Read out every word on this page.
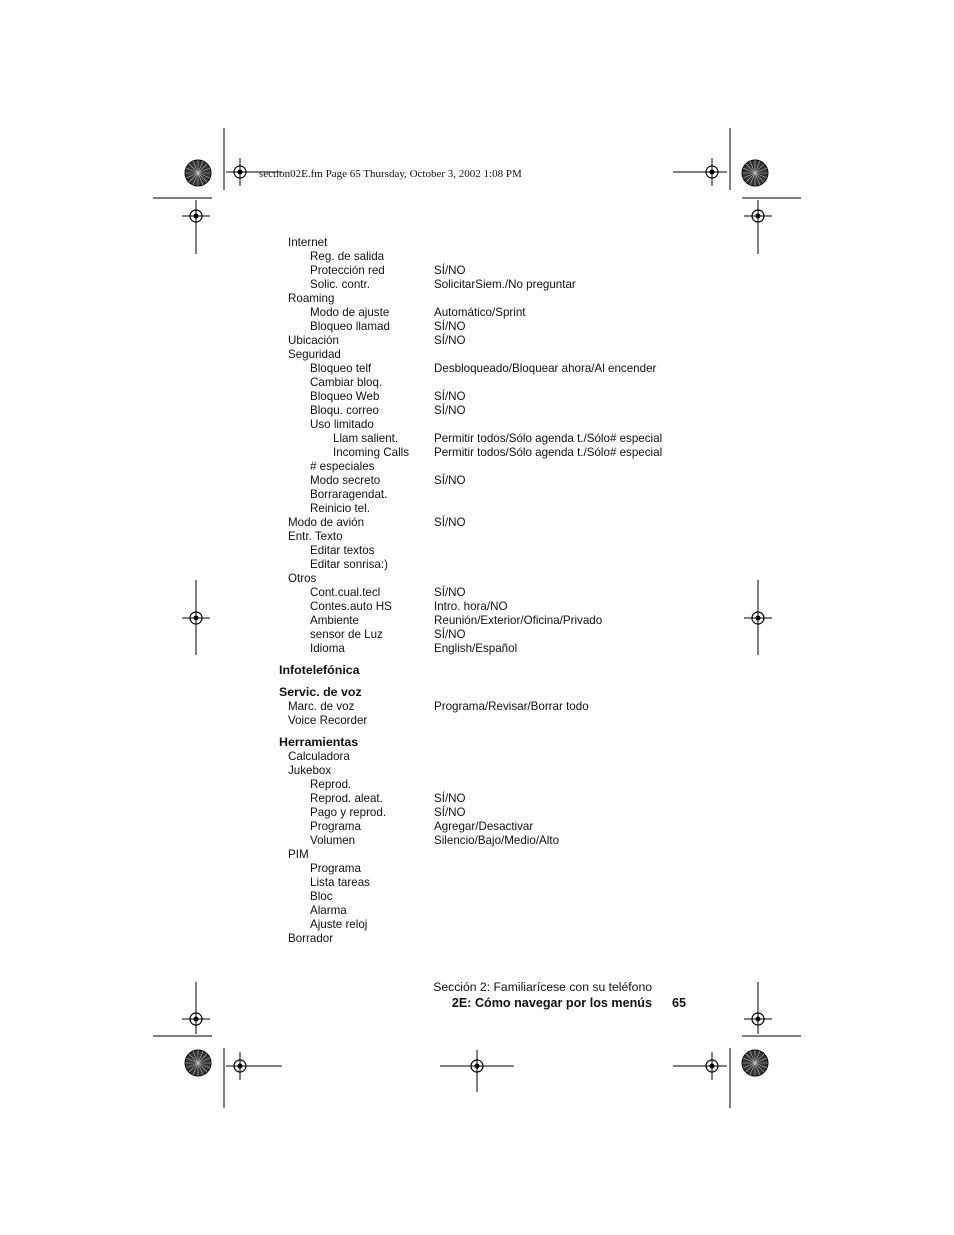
section02E.fm Page 65 Thursday, October 3, 2002 1:08 PM
Internet
Reg. de salida
Protección red	SÍ/NO
Solic. contr.	SolicitarSiem./No preguntar
Roaming
Modo de ajuste	Automático/Sprint
Bloqueo llamad	SÍ/NO
Ubicación	SÍ/NO
Seguridad
Bloqueo telf	Desbloqueado/Bloquear ahora/Al encender
Cambiar bloq.
Bloqueo Web	SÍ/NO
Bloqu. correo	SÍ/NO
Uso limitado
Llam salient.	Permitir todos/Sólo agenda t./Sólo# especial
Incoming Calls Permitir todos/Sólo agenda t./Sólo# especial
# especiales
Modo secreto	SÍ/NO
Borraragendat.
Reinicio tel.
Modo de avión	SÍ/NO
Entr. Texto
Editar textos
Editar sonrisa:)
Otros
Cont.cual.tecl	SÍ/NO
Contes.auto HS	Intro. hora/NO
Ambiente	Reunión/Exterior/Oficina/Privado
sensor de Luz	SÍ/NO
Idioma	English/Español
Infotelefónica
Servic. de voz
Marc. de voz	Programa/Revisar/Borrar todo
Voice Recorder
Herramientas
Calculadora
Jukebox
Reprod.
Reprod. aleat.	SÍ/NO
Pago y reprod.	SÍ/NO
Programa	Agregar/Desactivar
Volumen	Silencio/Bajo/Medio/Alto
PIM
Programa
Lista tareas
Bloc
Alarma
Ajuste reloj
Borrador
Sección 2: Familiarícese con su teléfono
2E: Cómo navegar por los menús 65
